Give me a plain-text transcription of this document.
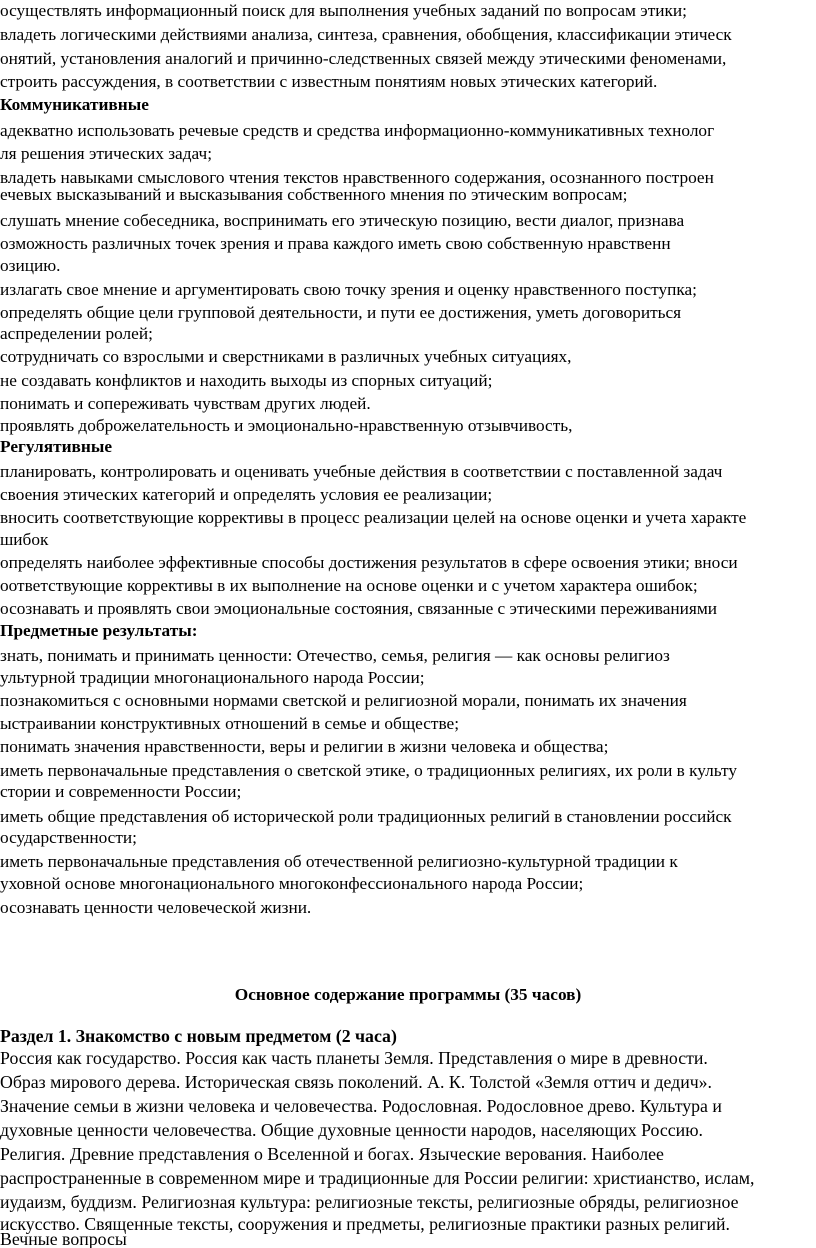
осуществлять информационный поиск для выполнения учебных заданий по вопросам этики;
владеть логическими действиями анализа, синтеза, сравнения, обобщения, классификации этическ
онятий, установления аналогий и причинно-следственных связей между этическими феноменами,
строить рассуждения, в соответствии с известным понятиям новых этических категорий.
Коммуникативные
адекватно использовать речевые средств и средства информационно-коммуникативных технолог
ля решения этических задач;
владеть навыками смыслового чтения текстов нравственного содержания, осознанного построен
ечевых высказываний и высказывания собственного мнения по этическим вопросам;
слушать мнение собеседника, воспринимать его этическую позицию, вести диалог, признава
озможность различных точек зрения и права каждого иметь свою собственную нравственн
озицию.
излагать свое мнение и аргументировать свою точку зрения и оценку нравственного поступка;
определять общие цели групповой деятельности, и пути ее достижения, уметь договориться
аспределении ролей;
сотрудничать со взрослыми и сверстниками в различных учебных ситуациях,
не создавать конфликтов и находить выходы из спорных ситуаций;
понимать и сопереживать чувствам других людей.
проявлять доброжелательность и эмоционально-нравственную отзывчивость,
Регулятивные
планировать, контролировать и оценивать учебные действия в соответствии с поставленной задач
своения этических категорий и определять условия ее реализации;
вносить соответствующие коррективы в процесс реализации целей на основе оценки и учета характе
шибок
определять наиболее эффективные способы достижения результатов в сфере освоения этики; вноси
оответствующие коррективы в их выполнение на основе оценки и с учетом характера ошибок;
осознавать и проявлять свои эмоциональные состояния, связанные с этическими переживаниями
Предметные результаты:
знать, понимать и принимать ценности: Отечество, семья, религия — как основы религиоз
ультурной традиции многонационального народа России;
познакомиться с основными нормами светской и религиозной морали, понимать их значения
ыстраивании конструктивных отношений в семье и обществе;
понимать значения нравственности, веры и религии в жизни человека и общества;
иметь первоначальные представления о светской этике, о традиционных религиях, их роли в культу
стории и современности России;
иметь общие представления об исторической роли традиционных религий в становлении российск
осударственности;
иметь первоначальные представления об отечественной религиозно-культурной традиции к
уховной основе многонационального многоконфессионального народа России;
осознавать ценности человеческой жизни.
Основное содержание программы (35 часов)
Раздел 1. Знакомство с новым предметом (2 часа)
Россия как государство. Россия как часть планеты Земля. Представления о мире в древности.
Образ мирового дерева. Историческая связь поколений. А. К. Толстой «Земля оттич и дедич».
Значение семьи в жизни человека и человечества. Родословная. Родословное древо. Культура и
духовные ценности человечества. Общие духовные ценности народов, населяющих Россию.
Религия. Древние представления о Вселенной и богах. Языческие верования. Наиболее
распространенные в современном мире и традиционные для России религии: христианство, ислам,
иудаизм, буддизм. Религиозная культура: религиозные тексты, религиозные обряды, религиозное
искусство. Священные тексты, сооружения и предметы, религиозные практики разных религий.
Вечные вопросы
